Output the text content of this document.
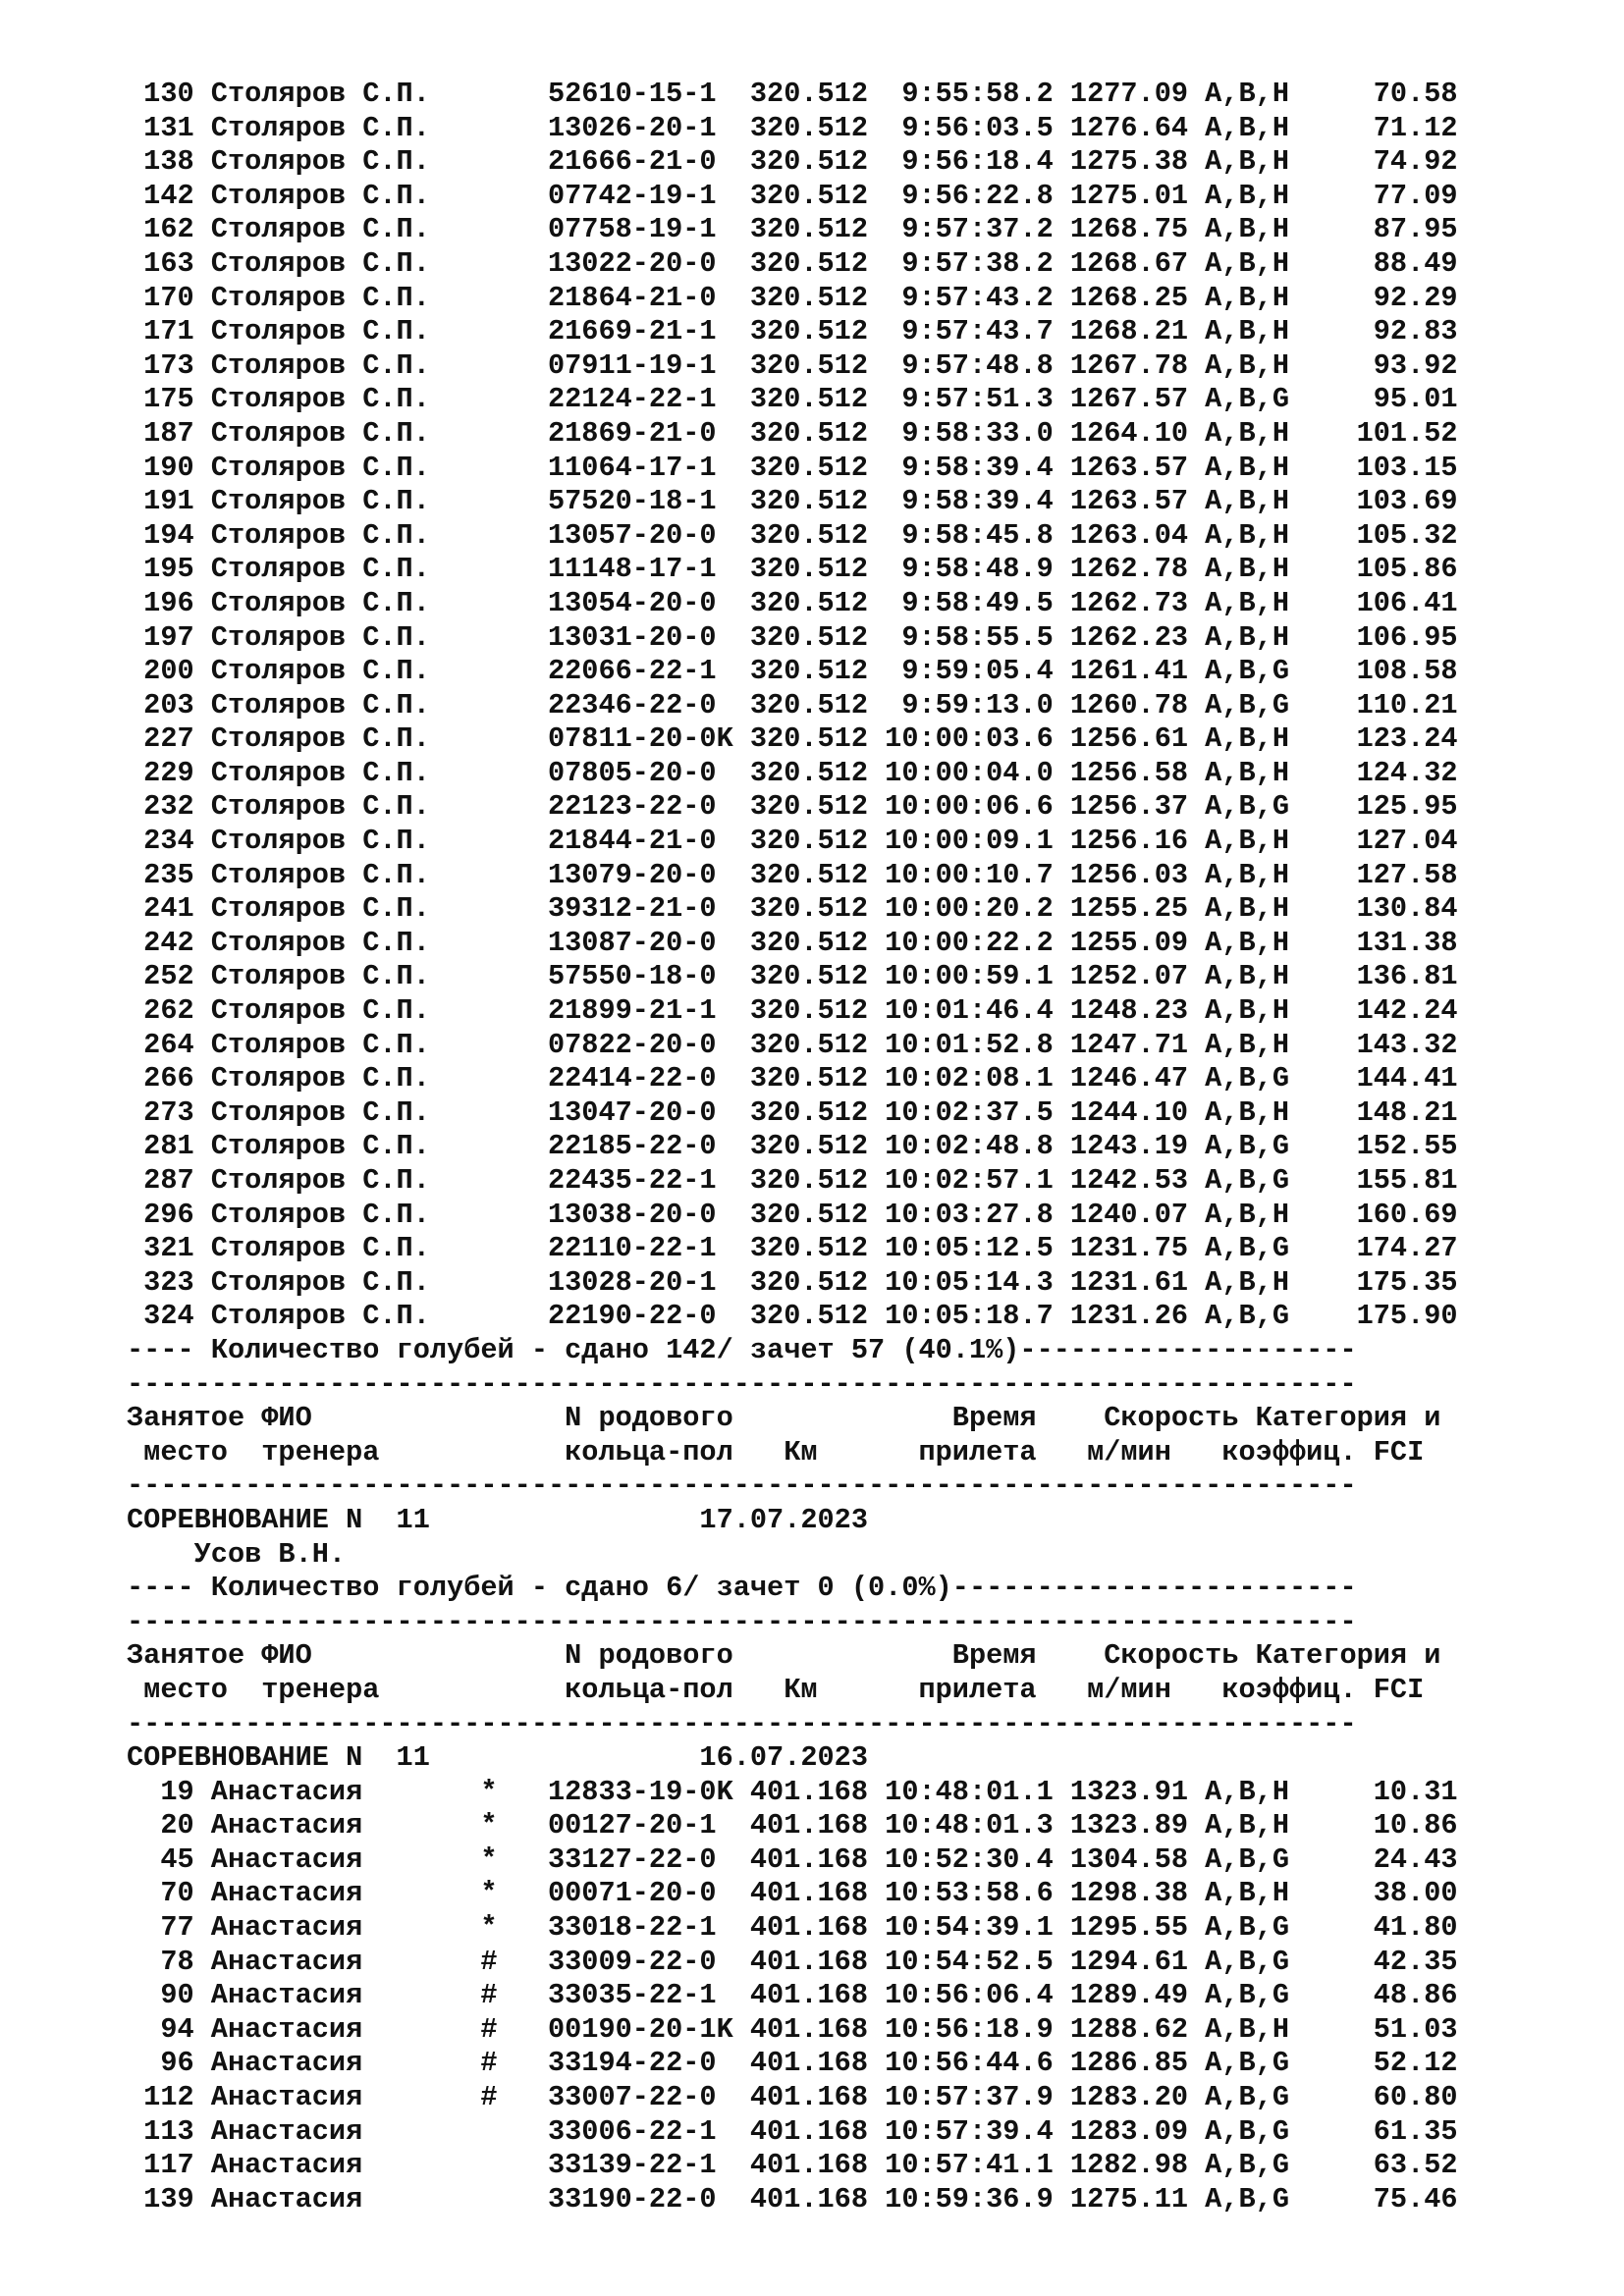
130 Столяров С.П.       52610-15-1  320.512  9:55:58.2 1277.09 A,B,H     70.58
131 Столяров С.П.       13026-20-1  320.512  9:56:03.5 1276.64 A,B,H     71.12
138 Столяров С.П.       21666-21-0  320.512  9:56:18.4 1275.38 A,B,H     74.92
142 Столяров С.П.       07742-19-1  320.512  9:56:22.8 1275.01 A,B,H     77.09
162 Столяров С.П.       07758-19-1  320.512  9:57:37.2 1268.75 A,B,H     87.95
163 Столяров С.П.       13022-20-0  320.512  9:57:38.2 1268.67 A,B,H     88.49
170 Столяров С.П.       21864-21-0  320.512  9:57:43.2 1268.25 A,B,H     92.29
171 Столяров С.П.       21669-21-1  320.512  9:57:43.7 1268.21 A,B,H     92.83
173 Столяров С.П.       07911-19-1  320.512  9:57:48.8 1267.78 A,B,H     93.92
175 Столяров С.П.       22124-22-1  320.512  9:57:51.3 1267.57 A,B,G     95.01
187 Столяров С.П.       21869-21-0  320.512  9:58:33.0 1264.10 A,B,H    101.52
190 Столяров С.П.       11064-17-1  320.512  9:58:39.4 1263.57 A,B,H    103.15
191 Столяров С.П.       57520-18-1  320.512  9:58:39.4 1263.57 A,B,H    103.69
194 Столяров С.П.       13057-20-0  320.512  9:58:45.8 1263.04 A,B,H    105.32
195 Столяров С.П.       11148-17-1  320.512  9:58:48.9 1262.78 A,B,H    105.86
196 Столяров С.П.       13054-20-0  320.512  9:58:49.5 1262.73 A,B,H    106.41
197 Столяров С.П.       13031-20-0  320.512  9:58:55.5 1262.23 A,B,H    106.95
200 Столяров С.П.       22066-22-1  320.512  9:59:05.4 1261.41 A,B,G    108.58
203 Столяров С.П.       22346-22-0  320.512  9:59:13.0 1260.78 A,B,G    110.21
227 Столяров С.П.       07811-20-0K 320.512 10:00:03.6 1256.61 A,B,H    123.24
229 Столяров С.П.       07805-20-0  320.512 10:00:04.0 1256.58 A,B,H    124.32
232 Столяров С.П.       22123-22-0  320.512 10:00:06.6 1256.37 A,B,G    125.95
234 Столяров С.П.       21844-21-0  320.512 10:00:09.1 1256.16 A,B,H    127.04
235 Столяров С.П.       13079-20-0  320.512 10:00:10.7 1256.03 A,B,H    127.58
241 Столяров С.П.       39312-21-0  320.512 10:00:20.2 1255.25 A,B,H    130.84
242 Столяров С.П.       13087-20-0  320.512 10:00:22.2 1255.09 A,B,H    131.38
252 Столяров С.П.       57550-18-0  320.512 10:00:59.1 1252.07 A,B,H    136.81
262 Столяров С.П.       21899-21-1  320.512 10:01:46.4 1248.23 A,B,H    142.24
264 Столяров С.П.       07822-20-0  320.512 10:01:52.8 1247.71 A,B,H    143.32
266 Столяров С.П.       22414-22-0  320.512 10:02:08.1 1246.47 A,B,G    144.41
273 Столяров С.П.       13047-20-0  320.512 10:02:37.5 1244.10 A,B,H    148.21
281 Столяров С.П.       22185-22-0  320.512 10:02:48.8 1243.19 A,B,G    152.55
287 Столяров С.П.       22435-22-1  320.512 10:02:57.1 1242.53 A,B,G    155.81
296 Столяров С.П.       13038-20-0  320.512 10:03:27.8 1240.07 A,B,H    160.69
321 Столяров С.П.       22110-22-1  320.512 10:05:12.5 1231.75 A,B,G    174.27
323 Столяров С.П.       13028-20-1  320.512 10:05:14.3 1231.61 A,B,H    175.35
324 Столяров С.П.       22190-22-0  320.512 10:05:18.7 1231.26 A,B,G    175.90
---- Количество голубей - сдано 142/ зачет 57 (40.1%)--------------------
-------------------------------------------------------------------------
Занятое ФИО               N родового             Время    Скорость Категория и
место  тренера           кольца-пол   Км      прилета   м/мин   коэффиц. FCI
-------------------------------------------------------------------------
СОРЕВНОВАНИЕ N  11                17.07.2023
Усов В.Н.
---- Количество голубей - сдано 6/ зачет 0 (0.0%)------------------------
-------------------------------------------------------------------------
Занятое ФИО               N родового             Время    Скорость Категория и
место  тренера           кольца-пол   Км      прилета   м/мин   коэффиц. FCI
-------------------------------------------------------------------------
СОРЕВНОВАНИЕ N  11                16.07.2023
19 Анастасия       *   12833-19-0K 401.168 10:48:01.1 1323.91 A,B,H     10.31
20 Анастасия       *   00127-20-1  401.168 10:48:01.3 1323.89 A,B,H     10.86
45 Анастасия       *   33127-22-0  401.168 10:52:30.4 1304.58 A,B,G     24.43
70 Анастасия       *   00071-20-0  401.168 10:53:58.6 1298.38 A,B,H     38.00
77 Анастасия       *   33018-22-1  401.168 10:54:39.1 1295.55 A,B,G     41.80
78 Анастасия       #   33009-22-0  401.168 10:54:52.5 1294.61 A,B,G     42.35
90 Анастасия       #   33035-22-1  401.168 10:56:06.4 1289.49 A,B,G     48.86
94 Анастасия       #   00190-20-1K 401.168 10:56:18.9 1288.62 A,B,H     51.03
96 Анастасия       #   33194-22-0  401.168 10:56:44.6 1286.85 A,B,G     52.12
112 Анастасия       #   33007-22-0  401.168 10:57:37.9 1283.20 A,B,G     60.80
113 Анастасия           33006-22-1  401.168 10:57:39.4 1283.09 A,B,G     61.35
117 Анастасия           33139-22-1  401.168 10:57:41.1 1282.98 A,B,G     63.52
139 Анастасия           33190-22-0  401.168 10:59:36.9 1275.11 A,B,G     75.46
